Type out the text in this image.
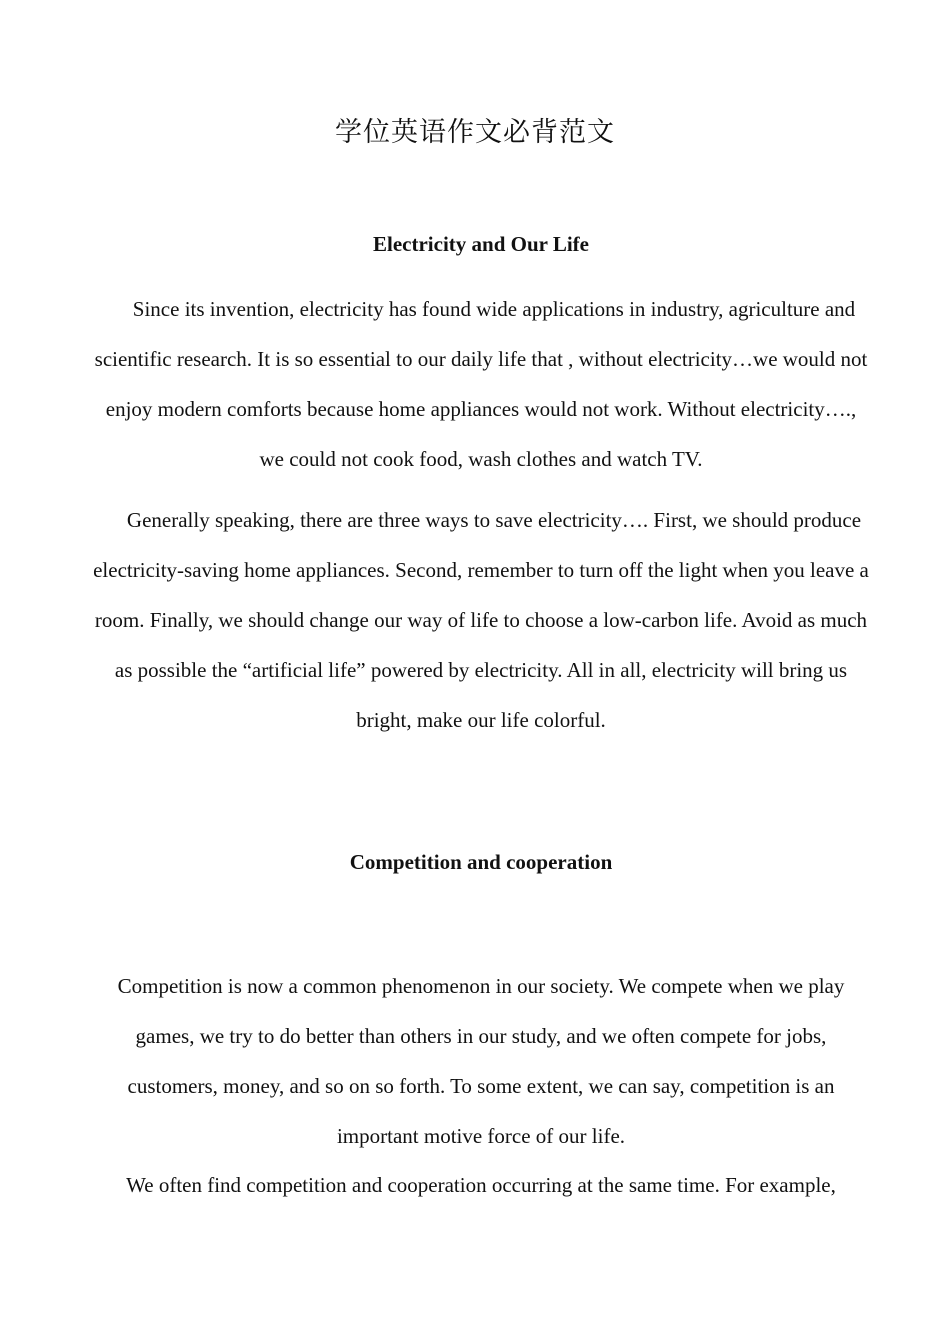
学位英语作文必背范文
Electricity and Our Life

Since its invention, electricity has found wide applications in industry, agriculture and scientific research. It is so essential to our daily life that , without electricity…we would not enjoy modern comforts because home appliances would not work. Without electricity…., we could not cook food, wash clothes and watch TV.

Generally speaking, there are three ways to save electricity…. First, we should produce electricity-saving home appliances. Second, remember to turn off the light when you leave a room. Finally, we should change our way of life to choose a low-carbon life. Avoid as much as possible the “artificial life” powered by electricity. All in all, electricity will bring us bright, make our life colorful.

Competition and cooperation

Competition is now a common phenomenon in our society. We compete when we play games, we try to do better than others in our study, and we often compete for jobs, customers, money, and so on so forth. To some extent, we can say, competition is an important motive force of our life.

We often find competition and cooperation occurring at the same time. For example,
